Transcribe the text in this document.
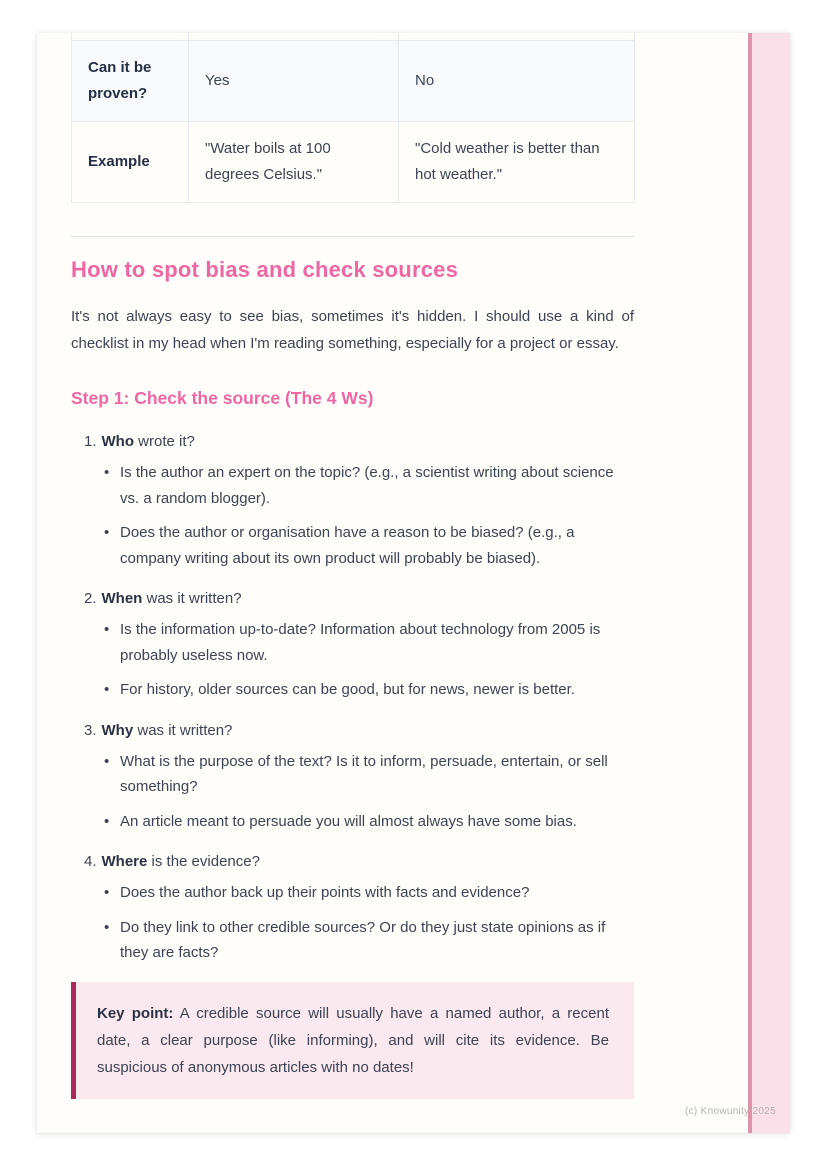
Can it be proven?	Yes	No
Example	"Water boils at 100 degrees Celsius."	"Cold weather is better than hot weather."
How to spot bias and check sources

It's not always easy to see bias, sometimes it's hidden. I should use a kind of checklist in my head when I'm reading something, especially for a project or essay.

Step 1: Check the source (The 4 Ws)
1. Who wrote it?
• Is the author an expert on the topic? (e.g., a scientist writing about science vs. a random blogger).
• Does the author or organisation have a reason to be biased? (e.g., a company writing about its own product will probably be biased).
2. When was it written?
• Is the information up-to-date? Information about technology from 2005 is probably useless now.
• For history, older sources can be good, but for news, newer is better.
3. Why was it written?
• What is the purpose of the text? Is it to inform, persuade, entertain, or sell something?
• An article meant to persuade you will almost always have some bias.
4. Where is the evidence?
• Does the author back up their points with facts and evidence?
• Do they link to other credible sources? Or do they just state opinions as if they are facts?
Key point: A credible source will usually have a named author, a recent date, a clear purpose (like informing), and will cite its evidence. Be suspicious of anonymous articles with no dates!
(c) Knowunity 2025
